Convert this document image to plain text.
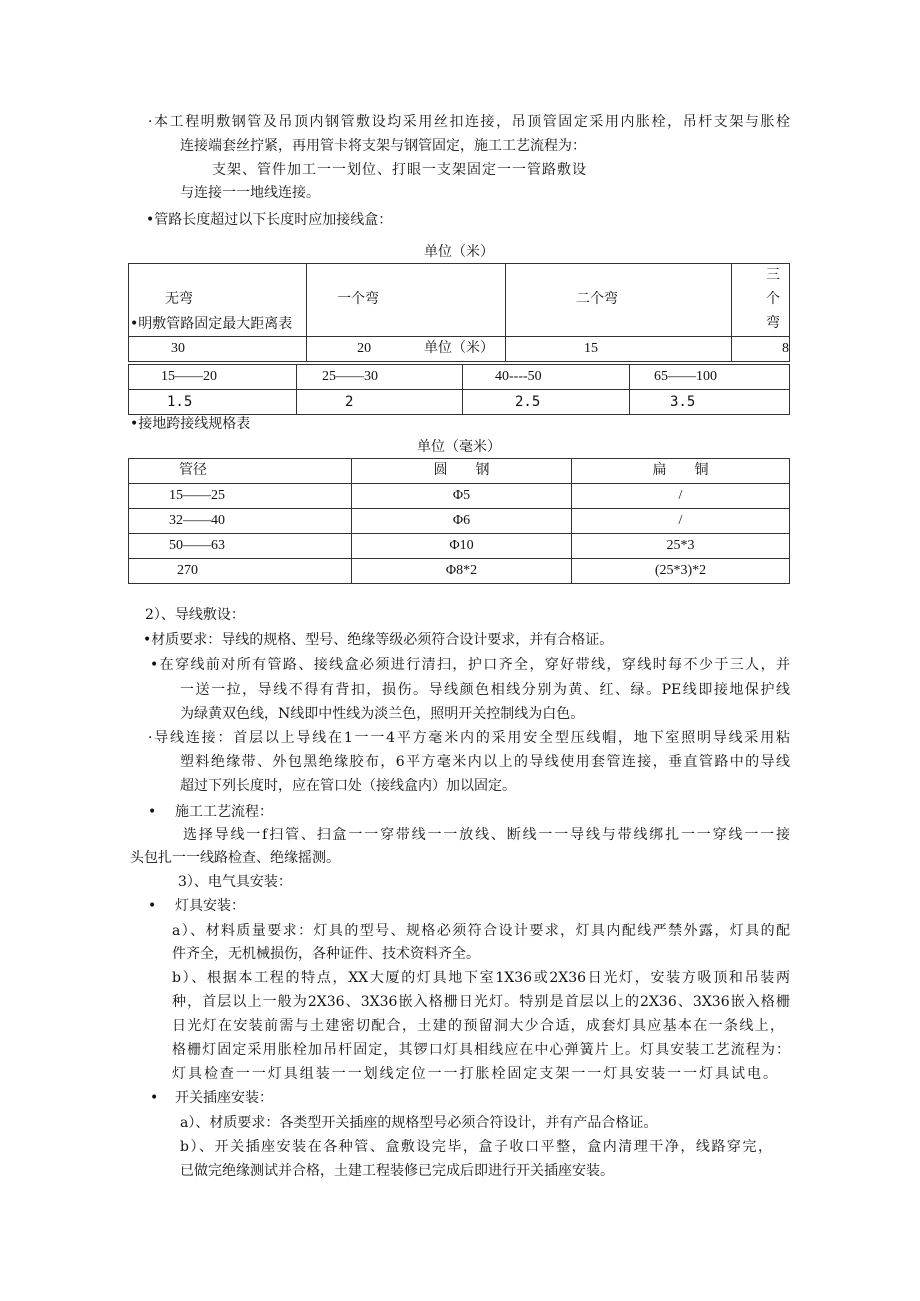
·本工程明敷钢管及吊顶内钢管敷设均采用丝扣连接，吊顶管固定采用内胀栓，吊杆支架与胀栓
连接端套丝拧紧，再用管卡将支架与钢管固定，施工工艺流程为：
支架、管件加工一一划位、打眼一支架固定一一管路敷设
与连接一一地线连接。
•管路长度超过以下长度时应加接线盒：
单位（米）
无弯	一个弯	二个弯	三个弯
30	20	15	8
•明敷管路固定最大距离表
单位（米）
15——20	25——30	40----50	65——100
1.5	2	2.5	3.5
•接地跨接线规格表
单位（毫米）
管径	圆　　钢	扁　　铜
15——25	Φ5	/
32——40	Φ6	/
50——63	Φ10	25*3
270	Φ8*2	(25*3)*2
2）、导线敷设：
•材质要求：导线的规格、型号、绝缘等级必须符合设计要求，并有合格证。
•在穿线前对所有管路、接线盒必须进行清扫，护口齐全，穿好带线，穿线时每不少于三人，并
一送一拉，导线不得有背扣，损伤。导线颜色相线分别为黄、红、绿。PE线即接地保护线
为绿黄双色线，N线即中性线为淡兰色，照明开关控制线为白色。
·导线连接：首层以上导线在1一一4平方毫米内的采用安全型压线帽，地下室照明导线采用粘
塑料绝缘带、外包黑绝缘胶布，6平方毫米内以上的导线使用套管连接，垂直管路中的导线
超过下列长度时，应在管口处（接线盒内）加以固定。
• 施工工艺流程：
选择导线一f扫管、扫盒一一穿带线一一放线、断线一一导线与带线绑扎一一穿线一一接
头包扎一一线路检查、绝缘摇测。
3）、电气具安装：
• 灯具安装：
a）、材料质量要求：灯具的型号、规格必须符合设计要求，灯具内配线严禁外露，灯具的配
件齐全，无机械损伤，各种证件、技术资料齐全。
b）、根据本工程的特点，XX大厦的灯具地下室1X36或2X36日光灯，安装方吸顶和吊装两
种，首层以上一般为2X36、3X36嵌入格栅日光灯。特别是首层以上的2X36、3X36嵌入格栅
日光灯在安装前需与土建密切配合，土建的预留洞大少合适，成套灯具应基本在一条线上，
格栅灯固定采用胀栓加吊杆固定，其锣口灯具相线应在中心弹簧片上。灯具安装工艺流程为：
灯具检查一一灯具组装一一划线定位一一打胀栓固定支架一一灯具安装一一灯具试电。
• 开关插座安装：
a）、材质要求：各类型开关插座的规格型号必须合符设计，并有产品合格证。
b）、开关插座安装在各种管、盒敷设完毕，盒子收口平整，盒内清理干净，线路穿完，
已做完绝缘测试并合格，土建工程装修已完成后即进行开关插座安装。
